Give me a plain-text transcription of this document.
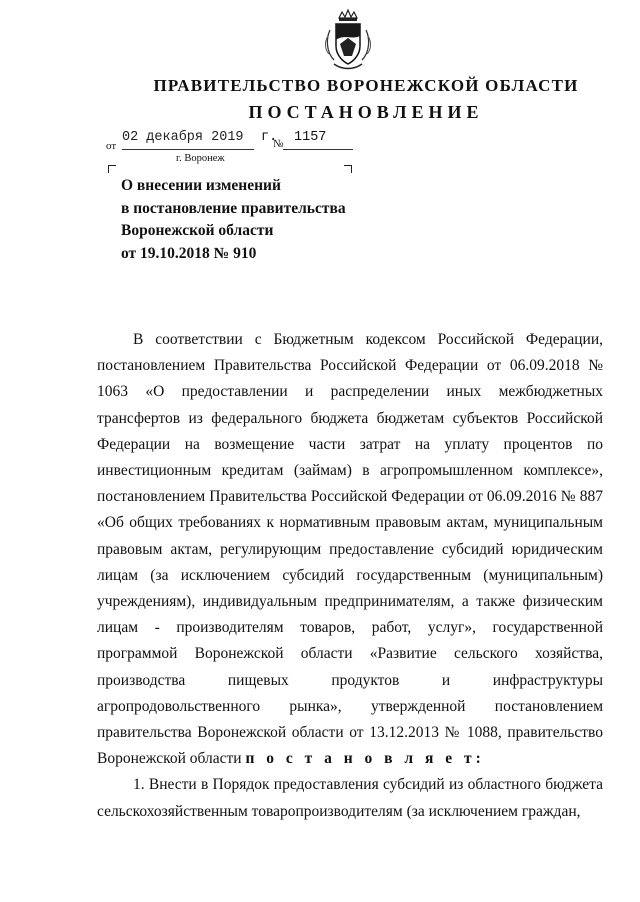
ПРАВИТЕЛЬСТВО ВОРОНЕЖСКОЙ ОБЛАСТИ
ПОСТАНОВЛЕНИЕ
от
02 декабря 2019	г.
№ 1157
г. Воронеж
О внесении изменений
в постановление правительства
Воронежской области
от 19.10.2018 № 910

В соответствии с Бюджетным кодексом Российской Федерации, постановлением Правительства Российской Федерации от 06.09.2018 № 1063 «О предоставлении и распределении иных межбюджетных трансфертов из федерального бюджета бюджетам субъектов Российской Федерации на возмещение части затрат на уплату процентов по инвестиционным кредитам (займам) в агропромышленном комплексе», постановлением Правительства Российской Федерации от 06.09.2016 № 887 «Об общих требованиях к нормативным правовым актам, муниципальным правовым актам, регулирующим предоставление субсидий юридическим лицам (за исключением субсидий государственным (муниципальным) учреждениям), индивидуальным предпринимателям, а также физическим лицам - производителям товаров, работ, услуг», государственной программой Воронежской области «Развитие сельского хозяйства, производства пищевых продуктов и инфраструктуры агропродовольственного рынка», утвержденной постановлением правительства Воронежской области от 13.12.2013 № 1088, правительство Воронежской области п о с т а н о в л я е т:

1. Внести в Порядок предоставления субсидий из областного бюджета сельскохозяйственным товаропроизводителям (за исключением граждан,
